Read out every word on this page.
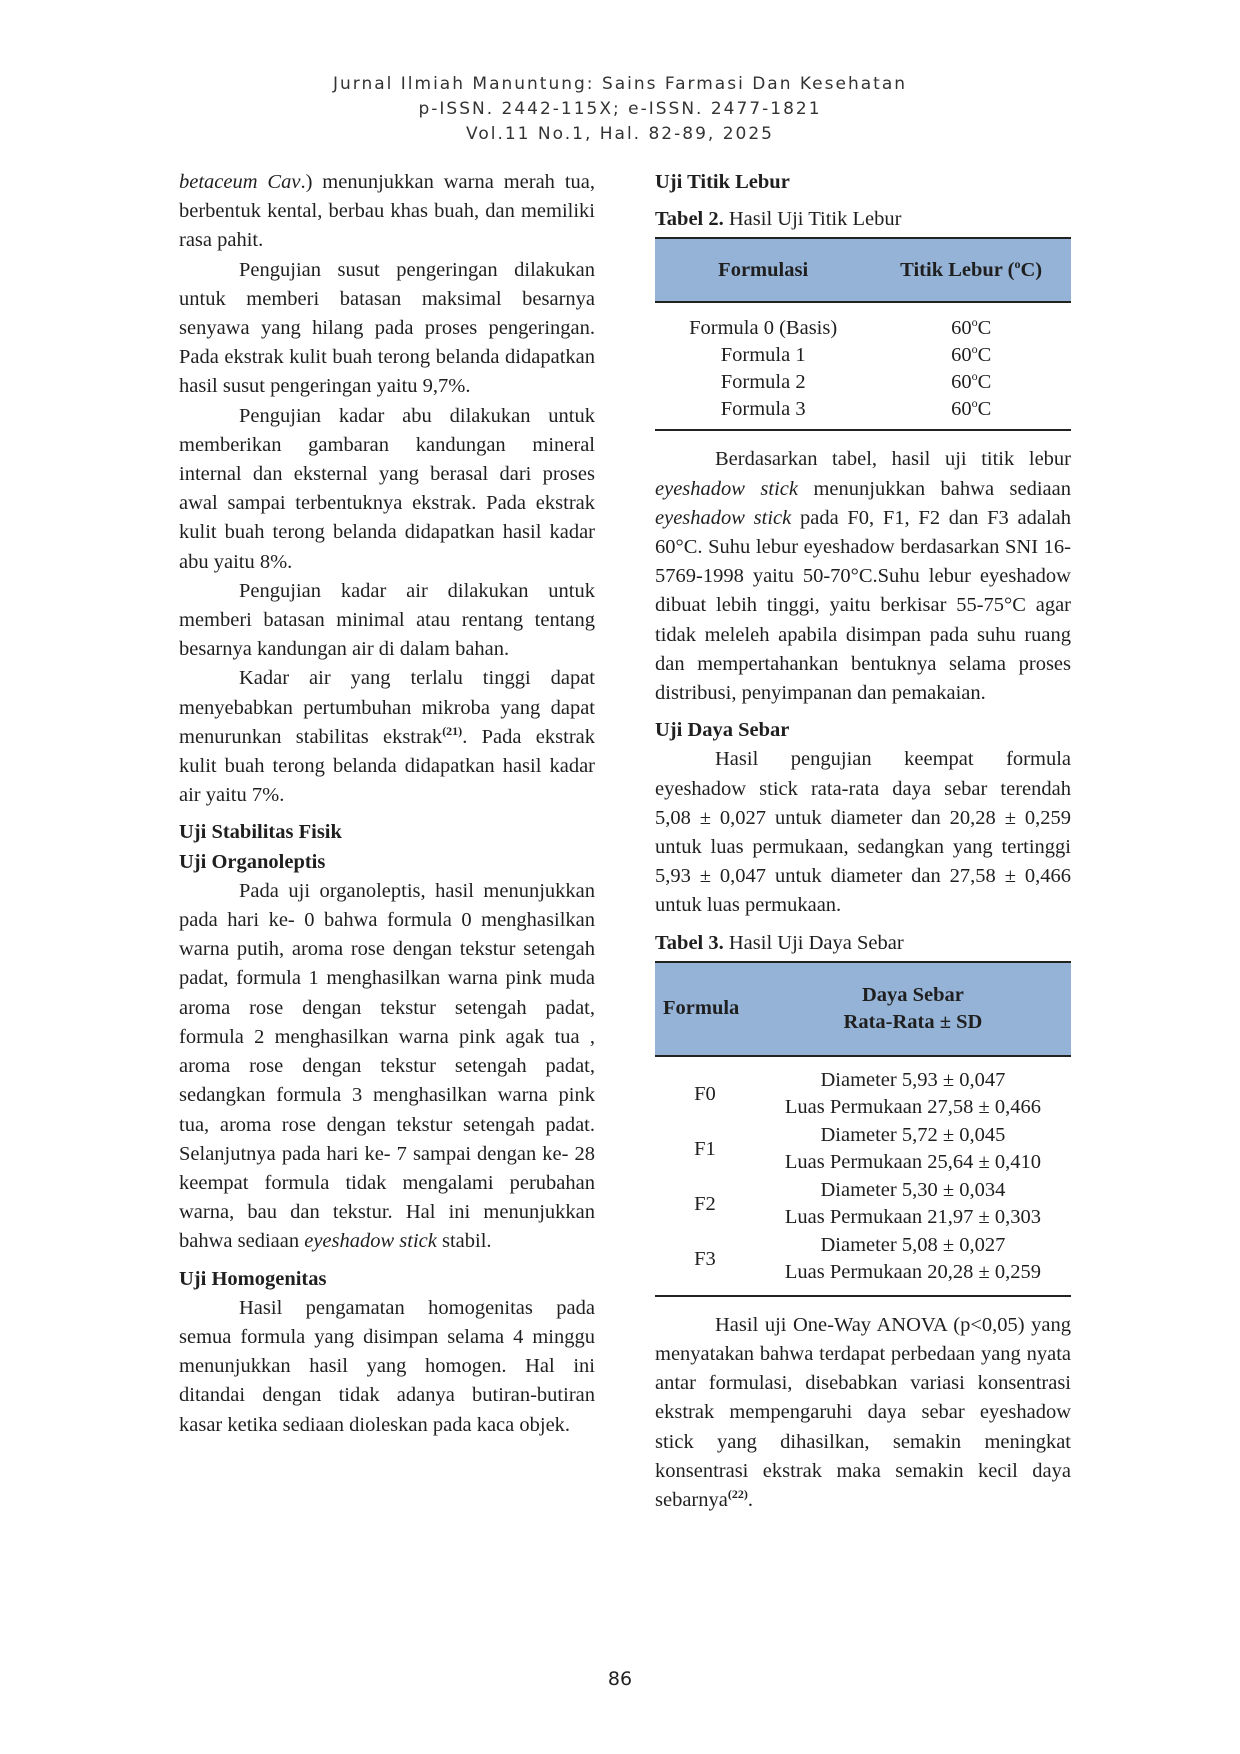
Jurnal Ilmiah Manuntung: Sains Farmasi Dan Kesehatan
p-ISSN. 2442-115X; e-ISSN. 2477-1821
Vol.11 No.1, Hal. 82-89, 2025

betaceum Cav.) menunjukkan warna merah tua, berbentuk kental, berbau khas buah, dan memiliki rasa pahit.

Pengujian susut pengeringan dilakukan untuk memberi batasan maksimal besarnya senyawa yang hilang pada proses pengeringan. Pada ekstrak kulit buah terong belanda didapatkan hasil susut pengeringan yaitu 9,7%.

Pengujian kadar abu dilakukan untuk memberikan gambaran kandungan mineral internal dan eksternal yang berasal dari proses awal sampai terbentuknya ekstrak. Pada ekstrak kulit buah terong belanda didapatkan hasil kadar abu yaitu 8%.

Pengujian kadar air dilakukan untuk memberi batasan minimal atau rentang tentang besarnya kandungan air di dalam bahan.

Kadar air yang terlalu tinggi dapat menyebabkan pertumbuhan mikroba yang dapat menurunkan stabilitas ekstrak$^{(21)}$. Pada ekstrak kulit buah terong belanda didapatkan hasil kadar air yaitu 7%.

Uji Stabilitas Fisik

Uji Organoleptis

Pada uji organoleptis, hasil menunjukkan pada hari ke- 0 bahwa formula 0 menghasilkan warna putih, aroma rose dengan tekstur setengah padat, formula 1 menghasilkan warna pink muda aroma rose dengan tekstur setengah padat, formula 2 menghasilkan warna pink agak tua , aroma rose dengan tekstur setengah padat, sedangkan formula 3 menghasilkan warna pink tua, aroma rose dengan tekstur setengah padat. Selanjutnya pada hari ke- 7 sampai dengan ke- 28 keempat formula tidak mengalami perubahan warna, bau dan tekstur. Hal ini menunjukkan bahwa sediaan eyeshadow stick stabil.

Uji Homogenitas

Hasil pengamatan homogenitas pada semua formula yang disimpan selama 4 minggu menunjukkan hasil yang homogen. Hal ini ditandai dengan tidak adanya butiran-butiran kasar ketika sediaan dioleskan pada kaca objek.

Uji Titik Lebur

Tabel 2. Hasil Uji Titik Lebur

Formulasi	Titik Lebur ($^o$C)
Formula 0 (Basis)	60$^o$C
Formula 1	60$^o$C
Formula 2	60$^o$C
Formula 3	60$^o$C

Berdasarkan tabel, hasil uji titik lebur eyeshadow stick menunjukkan bahwa sediaan eyeshadow stick pada F0, F1, F2 dan F3 adalah 60°C. Suhu lebur eyeshadow berdasarkan SNI 16-5769-1998 yaitu 50-70°C.Suhu lebur eyeshadow dibuat lebih tinggi, yaitu berkisar 55-75°C agar tidak meleleh apabila disimpan pada suhu ruang dan mempertahankan bentuknya selama proses distribusi, penyimpanan dan pemakaian.

Uji Daya Sebar

Hasil pengujian keempat formula eyeshadow stick rata-rata daya sebar terendah 5,08 ± 0,027 untuk diameter dan 20,28 ± 0,259 untuk luas permukaan, sedangkan yang tertinggi 5,93 ± 0,047 untuk diameter dan 27,58 ± 0,466 untuk luas permukaan.

Tabel 3. Hasil Uji Daya Sebar

Formula	Daya Sebar
Rata-Rata ± SD

F0	Diameter 5,93 ± 0,047
Luas Permukaan 27,58 ± 0,466

F1	Diameter 5,72 ± 0,045
Luas Permukaan 25,64 ± 0,410

F2	Diameter 5,30 ± 0,034
Luas Permukaan 21,97 ± 0,303

F3	Diameter 5,08 ± 0,027
Luas Permukaan 20,28 ± 0,259

Hasil uji One-Way ANOVA (p<0,05) yang menyatakan bahwa terdapat perbedaan yang nyata antar formulasi, disebabkan variasi konsentrasi ekstrak mempengaruhi daya sebar eyeshadow stick yang dihasilkan, semakin meningkat konsentrasi ekstrak maka semakin kecil daya sebarnya$^{(22)}$.

86
